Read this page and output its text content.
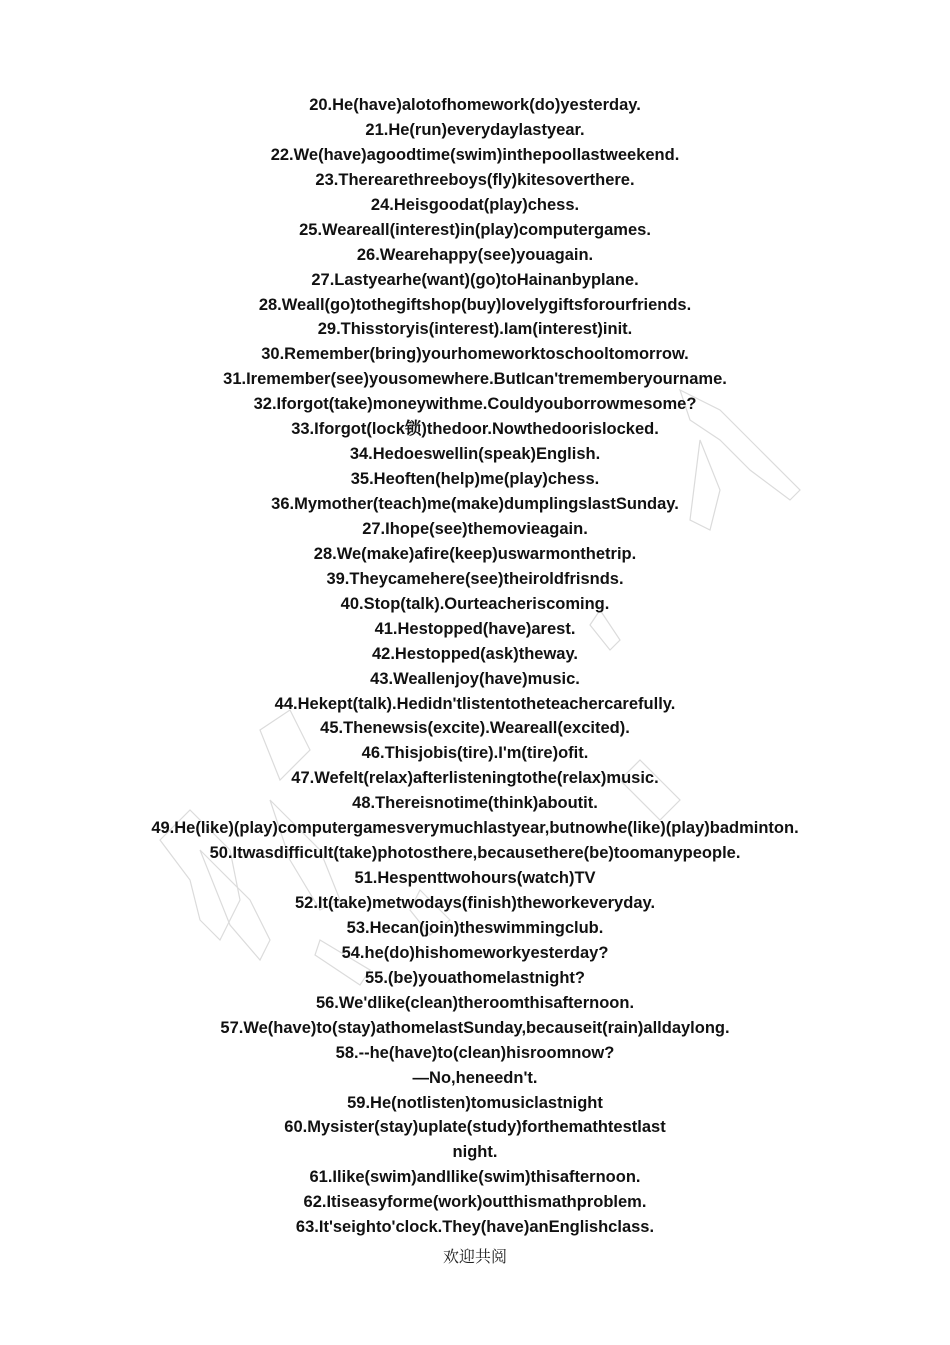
20.He(have)alotofhomework(do)yesterday.
21.He(run)everydaylastyear.
22.We(have)agoodtime(swim)inthepoollastweekend.
23.Therearethreeboys(fly)kitesoverthere.
24.Heisgoodat(play)chess.
25.Weareall(interest)in(play)computergames.
26.Wearehappy(see)youagain.
27.Lastyearhe(want)(go)toHainanbyplane.
28.Weall(go)tothegiftshop(buy)lovelygiftsforourfriends.
29.Thisstoryis(interest).Iam(interest)init.
30.Remember(bring)yourhomeworktoschooltomorrow.
31.Iremember(see)yousomewhere.ButIcan'trememberyourname.
32.Iforgot(take)moneywithme.Couldyouborrowmesome?
33.Iforgot(lock锁)thedoor.Nowthedoorislocked.
34.Hedoeswellin(speak)English.
35.Heoften(help)me(play)chess.
36.Mymother(teach)me(make)dumplingslastSunday.
27.Ihope(see)themovieagain.
28.We(make)afire(keep)uswarmonthetrip.
39.Theycamehere(see)theiroldfrisnds.
40.Stop(talk).Ourteacheriscoming.
41.Hestopped(have)arest.
42.Hestopped(ask)theway.
43.Weallenjoy(have)music.
44.Hekept(talk).Hedidn'tlistentotheteachercarefully.
45.Thenewsis(excite).Weareall(excited).
46.Thisjobis(tire).I'm(tire)ofit.
47.Wefelt(relax)afterlisteningtothe(relax)music.
48.Thereisnotime(think)aboutit.
49.He(like)(play)computergamesverymuchlastyear,butnowhe(like)(play)badminton.
50.Itwasdifficult(take)photosthere,becausethere(be)toomanypeople.
51.Hespenttwohours(watch)TV
52.It(take)metwodays(finish)theworkeveryday.
53.Hecan(join)theswimmingclub.
54.he(do)hishomeworkyesterday?
55.(be)youathomelastnight?
56.We'dlike(clean)theroomthisafternoon.
57.We(have)to(stay)athomelastSunday,becauseit(rain)alldaylong.
58.--he(have)to(clean)hisroomnow?
—No,heneedn't.
59.He(notlisten)tomusiclastnight
60.Mysister(stay)uplate(study)forthemathtestlast
night.
61.Ilike(swim)andIlike(swim)thisafternoon.
62.Itiseasyforme(work)outthismathproblem.
63.It'seighto'clock.They(have)anEnglishclass.
欢迎共阅
